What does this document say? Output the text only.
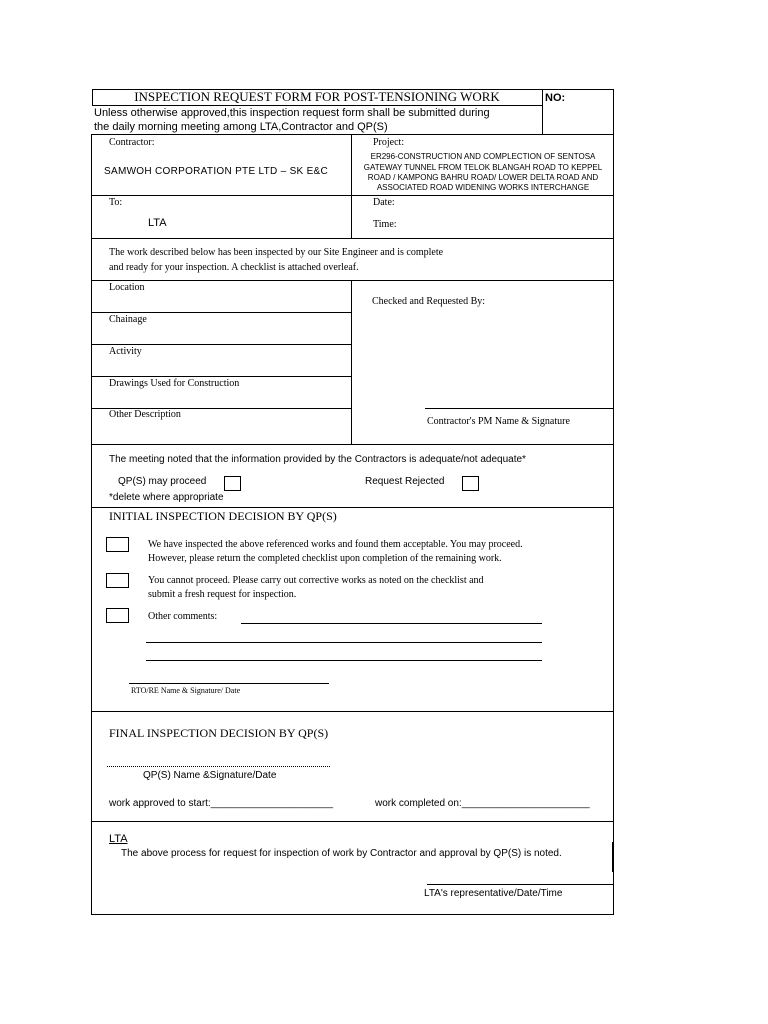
INSPECTION REQUEST FORM FOR POST-TENSIONING WORK	NO:
Unless otherwise approved,this inspection request form shall be submitted during
the daily morning meeting among LTA,Contractor and QP(S)
Contractor:
SAMWOH CORPORATION PTE LTD – SK E&C
Project:
ER296-CONSTRUCTION AND COMPLECTION OF SENTOSA
GATEWAY TUNNEL FROM TELOK BLANGAH ROAD TO KEPPEL
ROAD / KAMPONG BAHRU ROAD/ LOWER DELTA ROAD AND
ASSOCIATED ROAD WIDENING WORKS INTERCHANGE
To:
LTA
Date:
Time:
The work described below has been inspected by our Site Engineer and is complete
and ready for your inspection. A checklist is attached overleaf.
Location
Chainage
Activity
Drawings Used for Construction
Other Description
Checked and Requested By:
Contractor's PM Name & Signature
The meeting noted that the information provided by the Contractors is adequate/not adequate*
QP(S) may proceed	Request Rejected
*delete where appropriate
INITIAL INSPECTION DECISION BY QP(S)
We have inspected the above referenced works and found them acceptable. You may proceed.
However, please return the completed checklist upon completion of the remaining work.
You cannot proceed. Please carry out corrective works as noted on the checklist and
submit a fresh request for inspection.
Other comments:
RTO/RE Name & Signature/ Date
FINAL INSPECTION DECISION BY QP(S)
QP(S) Name &Signature/Date
work approved to start:______________________	work completed on:_______________________
LTA
The above process for request for inspection of work by Contractor and approval by QP(S) is noted.
LTA's representative/Date/Time
